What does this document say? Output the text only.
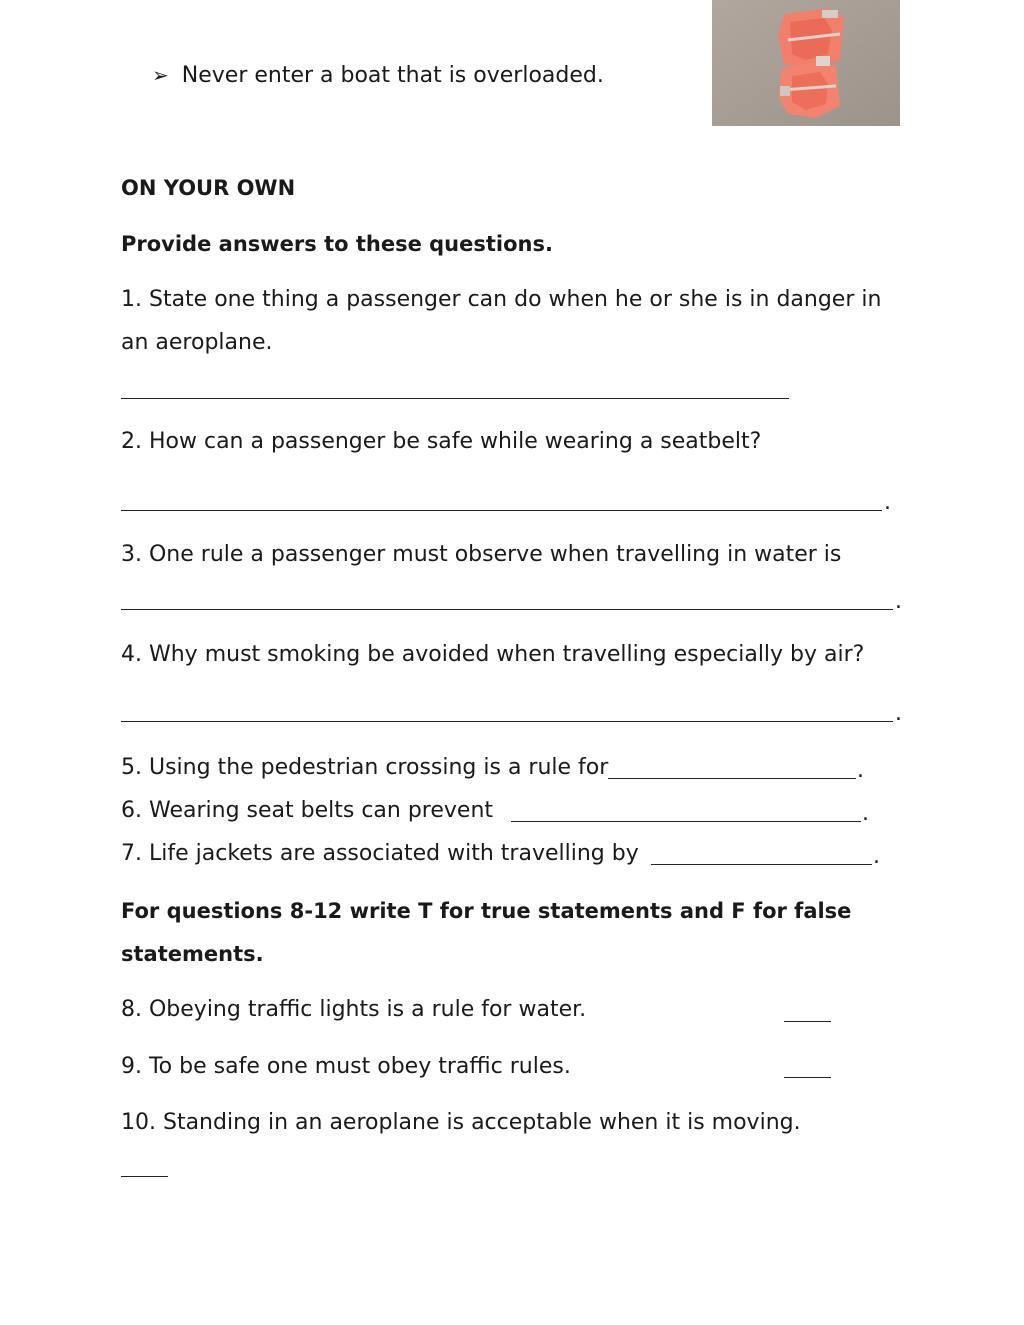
➢ Never enter a boat that is overloaded.
ON YOUR OWN
Provide answers to these questions.
1. State one thing a passenger can do when he or she is in danger in
an aeroplane.
2. How can a passenger be safe while wearing a seatbelt?
.
3. One rule a passenger must observe when travelling in water is
.
4. Why must smoking be avoided when travelling especially by air?
.
5. Using the pedestrian crossing is a rule for	.
6. Wearing seat belts can prevent	.
7. Life jackets are associated with travelling by	.
For questions 8-12 write T for true statements and F for false
statements.
8. Obeying traffic lights is a rule for water.
9. To be safe one must obey traffic rules.
10. Standing in an aeroplane is acceptable when it is moving.
